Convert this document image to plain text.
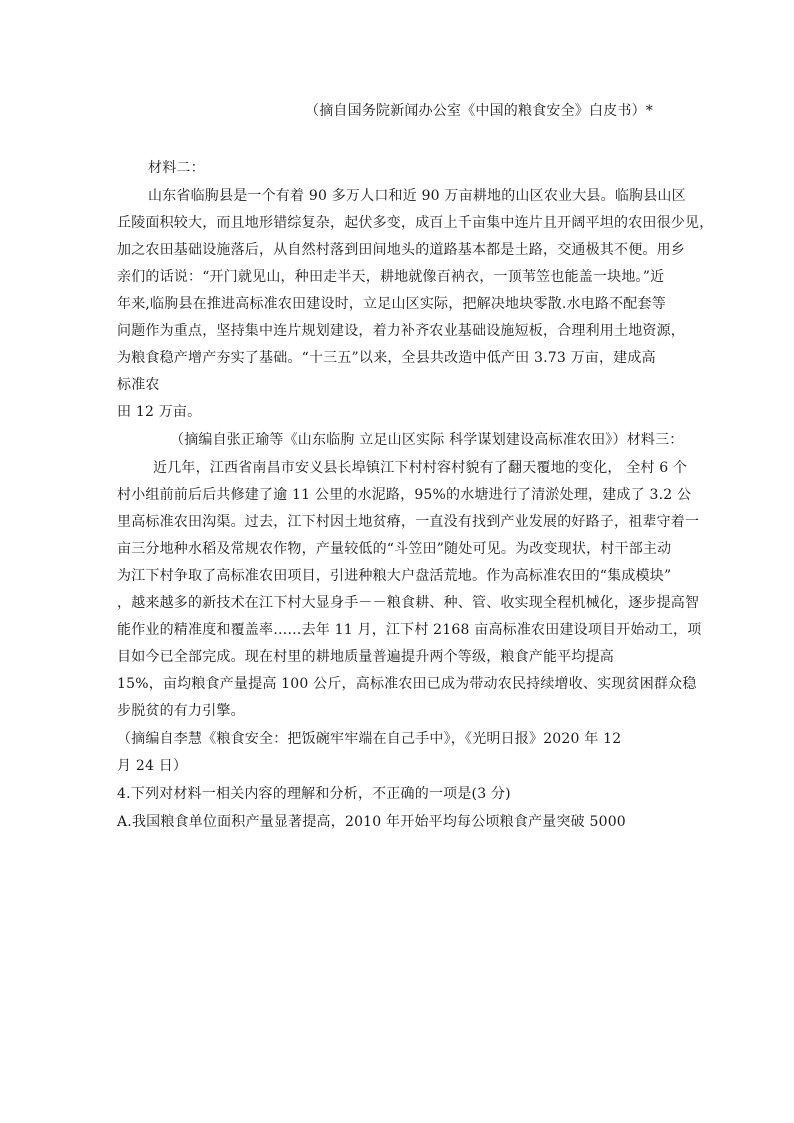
（摘自国务院新闻办公室《中国的粮食安全》白皮书）*
材料二：
山东省临朐县是一个有着 90 多万人口和近 90 万亩耕地的山区农业大县。临朐县山区
丘陵面积较大，而且地形错综复杂，起伏多变，成百上千亩集中连片且开阔平坦的农田很少见，
加之农田基础设施落后，从自然村落到田间地头的道路基本都是土路，交通极其不便。用乡
亲们的话说：“开门就见山，种田走半天，耕地就像百衲衣，一顶苇笠也能盖一块地。”近
年来,临朐县在推进高标准农田建设时，立足山区实际，把解决地块零散.水电路不配套等
问题作为重点，坚持集中连片规划建设，着力补齐农业基础设施短板，合理利用土地资源，
为粮食稳产增产夯实了基础。“十三五”以来，全县共改造中低产田 3.73 万亩，建成高
标准农
田 12 万亩。
（摘编自张正瑜等《山东临朐 立足山区实际 科学谋划建设高标准农田》）材料三：
近几年，江西省南昌市安义县长埠镇江下村村容村貌有了翻天覆地的变化， 全村 6 个
村小组前前后后共修建了逾 11 公里的水泥路，95%的水塘进行了清淤处理，建成了 3.2 公
里高标准农田沟渠。过去，江下村因土地贫瘠，一直没有找到产业发展的好路子，祖辈守着一
亩三分地种水稻及常规农作物，产量较低的“斗笠田”随处可见。为改变现状，村干部主动
为江下村争取了高标准农田项目，引进种粮大户盘活荒地。作为高标准农田的“集成模块”
，越来越多的新技术在江下村大显身手－－粮食耕、种、管、收实现全程机械化，逐步提高智
能作业的精准度和覆盖率……去年 11 月，江下村 2168 亩高标准农田建设项目开始动工，项
目如今已全部完成。现在村里的耕地质量普遍提升两个等级，粮食产能平均提高
15%，亩均粮食产量提高 100 公斤，高标准农田已成为带动农民持续增收、实现贫困群众稳
步脱贫的有力引擎。
（摘编自李慧《粮食安全：把饭碗牢牢端在自己手中》，《光明日报》2020 年 12
月 24 日）
4.下列对材料一相关内容的理解和分析，不正确的一项是(3 分)
A.我国粮食单位面积产量显著提高，2010 年开始平均每公顷粮食产量突破 5000
